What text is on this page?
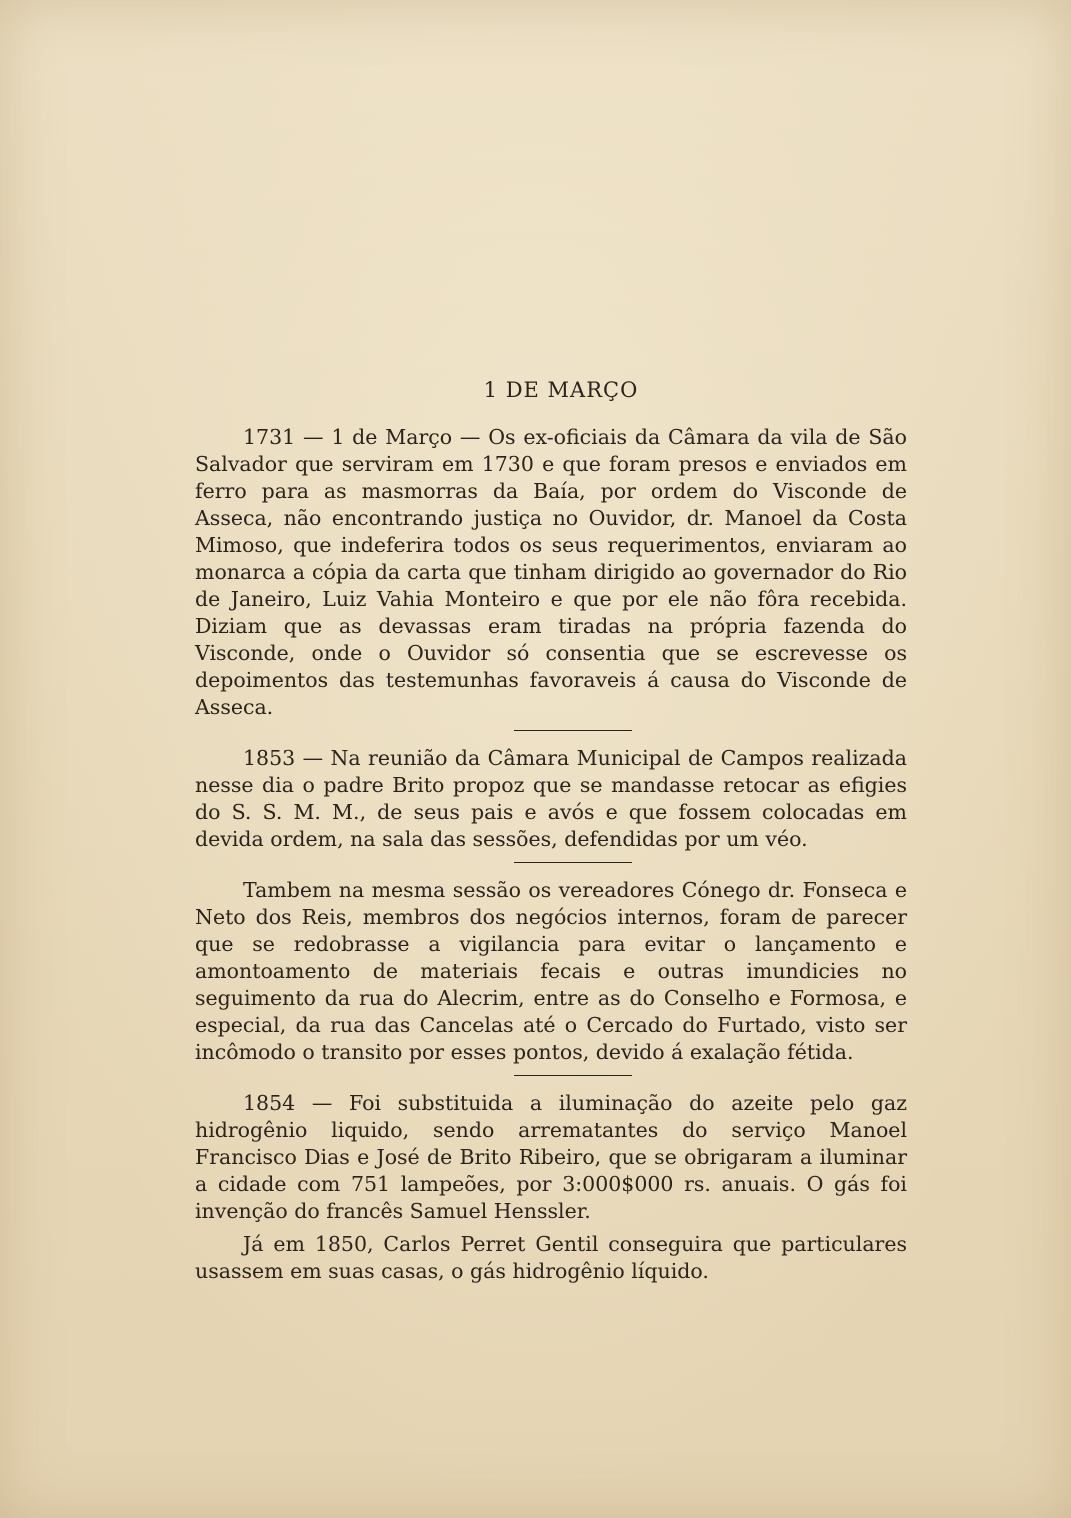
1 DE MARÇO

1731 — 1 de Março — Os ex-oficiais da Câmara da vila de São Salvador que serviram em 1730 e que foram presos e enviados em ferro para as masmorras da Baía, por ordem do Visconde de Asseca, não encontrando justiça no Ouvidor, dr. Manoel da Costa Mimoso, que indeferira todos os seus requerimentos, enviaram ao monarca a cópia da carta que tinham dirigido ao governador do Rio de Janeiro, Luiz Vahia Monteiro e que por ele não fôra recebida. Diziam que as devassas eram tiradas na própria fazenda do Visconde, onde o Ouvidor só consentia que se escrevesse os depoimentos das testemunhas favoraveis á causa do Visconde de Asseca.

1853 — Na reunião da Câmara Municipal de Campos realizada nesse dia o padre Brito propoz que se mandasse retocar as efigies do S. S. M. M., de seus pais e avós e que fossem colocadas em devida ordem, na sala das sessões, defendidas por um véo.

Tambem na mesma sessão os vereadores Cónego dr. Fonseca e Neto dos Reis, membros dos negócios internos, foram de parecer que se redobrasse a vigilancia para evitar o lançamento e amontoamento de materiais fecais e outras imundicies no seguimento da rua do Alecrim, entre as do Conselho e Formosa, e especial, da rua das Cancelas até o Cercado do Furtado, visto ser incômodo o transito por esses pontos, devido á exalação fétida.

1854 — Foi substituida a iluminação do azeite pelo gaz hidrogênio liquido, sendo arrematantes do serviço Manoel Francisco Dias e José de Brito Ribeiro, que se obrigaram a iluminar a cidade com 751 lampeões, por 3:000$000 rs. anuais. O gás foi invenção do francês Samuel Henssler.

Já em 1850, Carlos Perret Gentil conseguira que particulares usassem em suas casas, o gás hidrogênio líquido.
